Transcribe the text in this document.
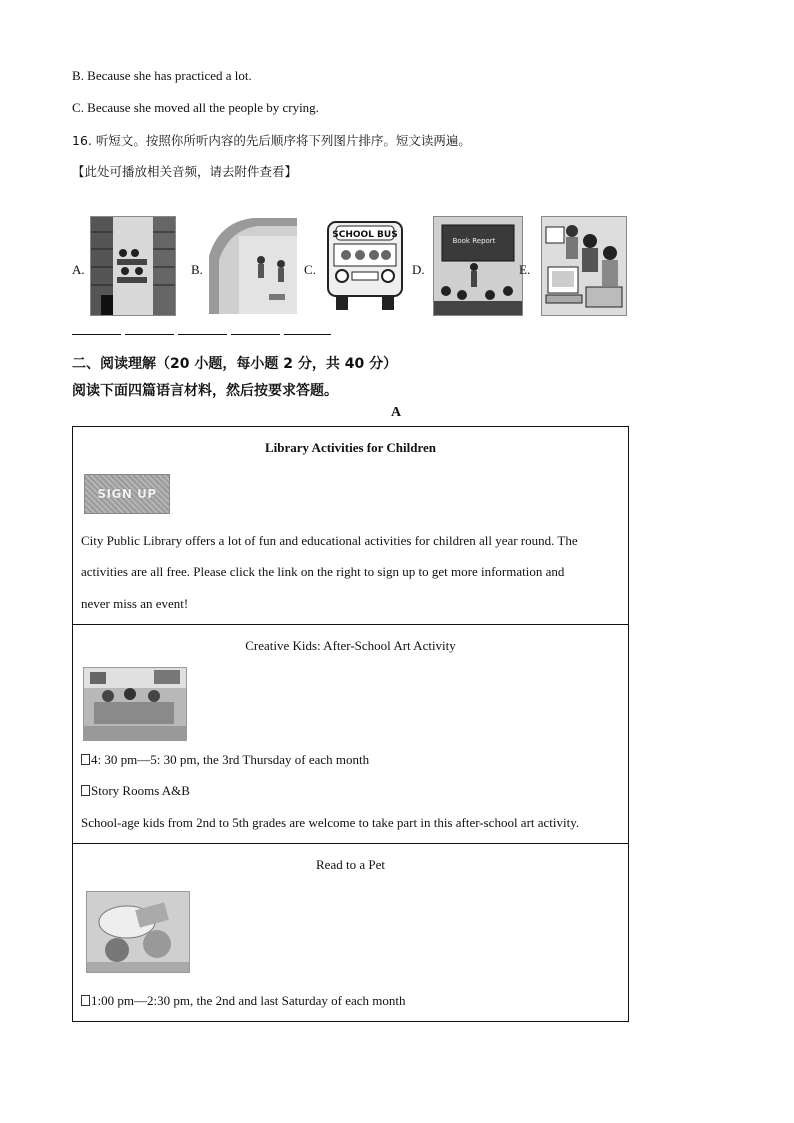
B. Because she has practiced a lot.
C. Because she moved all the people by crying.
16. 听短文。按照你所听内容的先后顺序将下列图片排序。短文读两遍。
【此处可播放相关音频，请去附件查看】
A.	B.	C.
SCHOOL BUS
D.
Book Report
E.
二、阅读理解（20 小题，每小题 2 分，共 40 分）
阅读下面四篇语言材料，然后按要求答题。
A
Library Activities for Children
SIGN UP

City Public Library offers a lot of fun and educational activities for children all year round. The

activities are all free. Please click the link on the right to sign up to get more information and

never miss an event!

Creative Kids: After-School Art Activity

4: 30 pm—5: 30 pm, the 3rd Thursday of each month

Story Rooms A&B

School-age kids from 2nd to 5th grades are welcome to take part in this after-school art activity.

Read to a Pet

1:00 pm—2:30 pm, the 2nd and last Saturday of each month
